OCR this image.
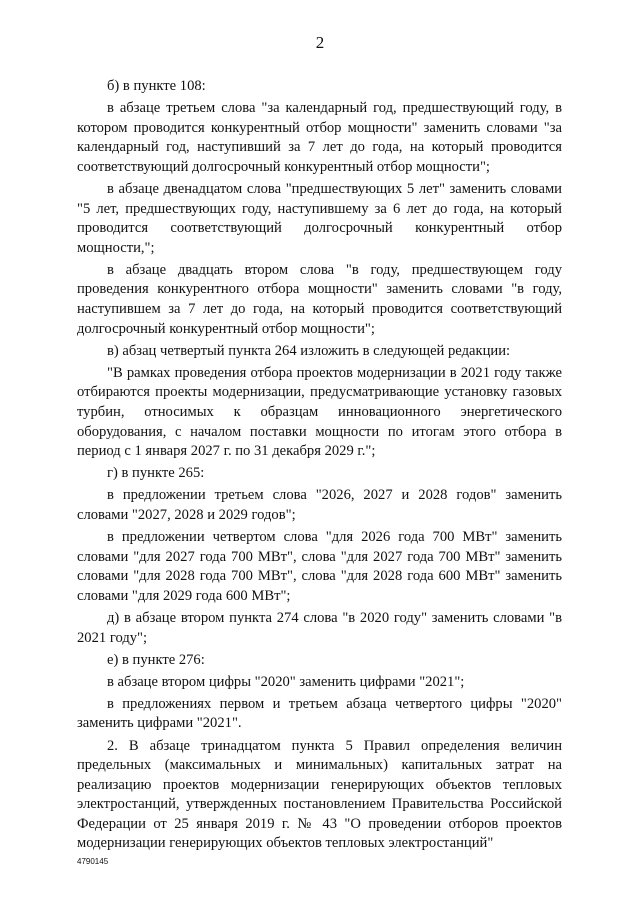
2

б) в пункте 108:

в абзаце третьем слова "за календарный год, предшествующий году, в котором проводится конкурентный отбор мощности" заменить словами "за календарный год, наступивший за 7 лет до года, на который проводится соответствующий долгосрочный конкурентный отбор мощности";

в абзаце двенадцатом слова "предшествующих 5 лет" заменить словами "5 лет, предшествующих году, наступившему за 6 лет до года, на который проводится соответствующий долгосрочный конкурентный отбор мощности,";

в абзаце двадцать втором слова "в году, предшествующем году проведения конкурентного отбора мощности" заменить словами "в году, наступившем за 7 лет до года, на который проводится соответствующий долгосрочный конкурентный отбор мощности";

в) абзац четвертый пункта 264 изложить в следующей редакции:

"В рамках проведения отбора проектов модернизации в 2021 году также отбираются проекты модернизации, предусматривающие установку газовых турбин, относимых к образцам инновационного энергетического оборудования, с началом поставки мощности по итогам этого отбора в период с 1 января 2027 г. по 31 декабря 2029 г.";

г) в пункте 265:

в предложении третьем слова "2026, 2027 и 2028 годов" заменить словами "2027, 2028 и 2029 годов";

в предложении четвертом слова "для 2026 года 700 МВт" заменить словами "для 2027 года 700 МВт", слова "для 2027 года 700 МВт" заменить словами "для 2028 года 700 МВт", слова "для 2028 года 600 МВт" заменить словами "для 2029 года 600 МВт";

д) в абзаце втором пункта 274 слова "в 2020 году" заменить словами "в 2021 году";

е) в пункте 276:

в абзаце втором цифры "2020" заменить цифрами "2021";

в предложениях первом и третьем абзаца четвертого цифры "2020" заменить цифрами "2021".

2. В абзаце тринадцатом пункта 5 Правил определения величин предельных (максимальных и минимальных) капитальных затрат на реализацию проектов модернизации генерирующих объектов тепловых электростанций, утвержденных постановлением Правительства Российской Федерации от 25 января 2019 г. № 43 "О проведении отборов проектов модернизации генерирующих объектов тепловых электростанций"

4790145
